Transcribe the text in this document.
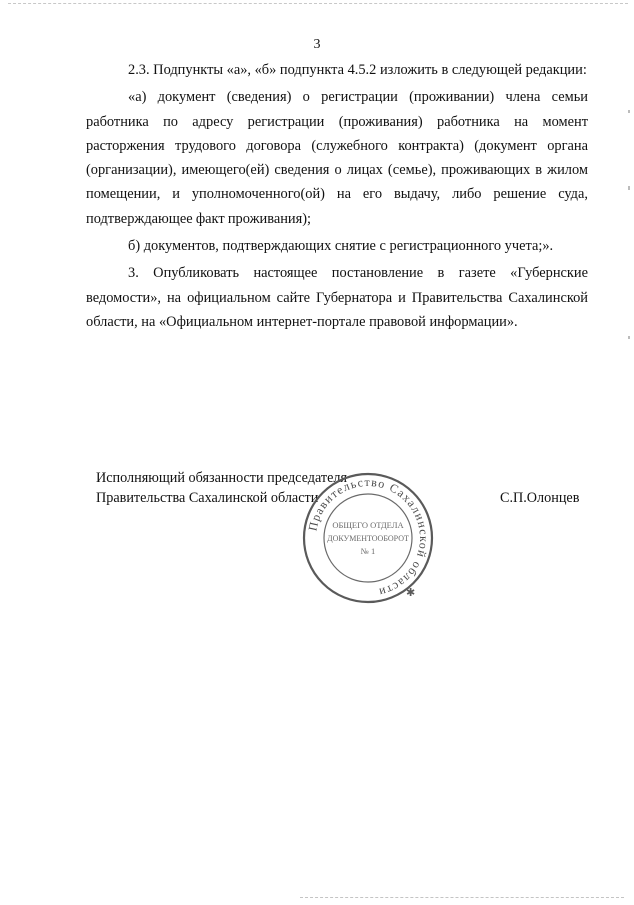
3

2.3. Подпункты «а», «б» подпункта 4.5.2 изложить в следующей редакции:

«а) документ (сведения) о регистрации (проживании) члена семьи работника по адресу регистрации (проживания) работника на момент расторжения трудового договора (служебного контракта) (документ органа (организации), имеющего(ей) сведения о лицах (семье), проживающих в жилом помещении, и уполномоченного(ой) на его выдачу, либо решение суда, подтверждающее факт проживания);

б) документов, подтверждающих снятие с регистрационного учета;».

3. Опубликовать настоящее постановление в газете «Губернские ведомости», на официальном сайте Губернатора и Правительства Сахалинской области, на «Официальном интернет-портале правовой информации».

Исполняющий обязанности председателя
Правительства Сахалинской области	С.П.Олонцев
Правительство Сахалинской области	✱
ОБЩЕГО ОТДЕЛА
ДОКУМЕНТООБОРОТ
№ 1
